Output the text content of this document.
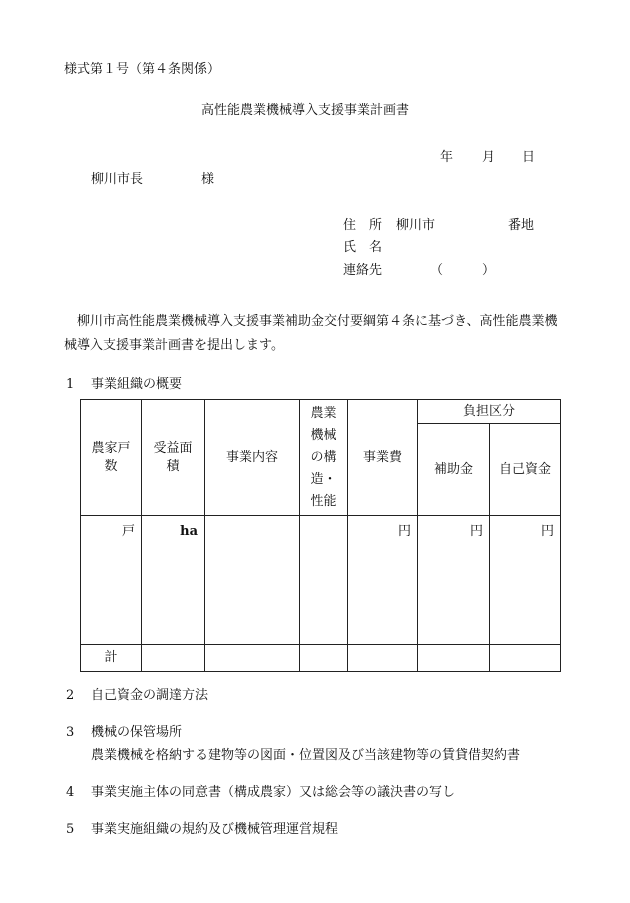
様式第１号（第４条関係）
高性能農業機械導入支援事業計画書
年 月 日
柳川市長	様
住　所 柳川市	番地
氏　名
連絡先	（　　　）
柳川市高性能農業機械導入支援事業補助金交付要綱第４条に基づき、高性能農業機械導入支援事業計画書を提出します。
1 事業組織の概要
農家戸数	受益面積	事業内容	農業機械の構造・性能	事業費	負担区分	
					補助金	自己資金
戸	ha			円	円	円
計						
2 自己資金の調達方法
3 機械の保管場所
農業機械を格納する建物等の図面・位置図及び当該建物等の賃貸借契約書
4 事業実施主体の同意書（構成農家）又は総会等の議決書の写し
5 事業実施組織の規約及び機械管理運営規程
